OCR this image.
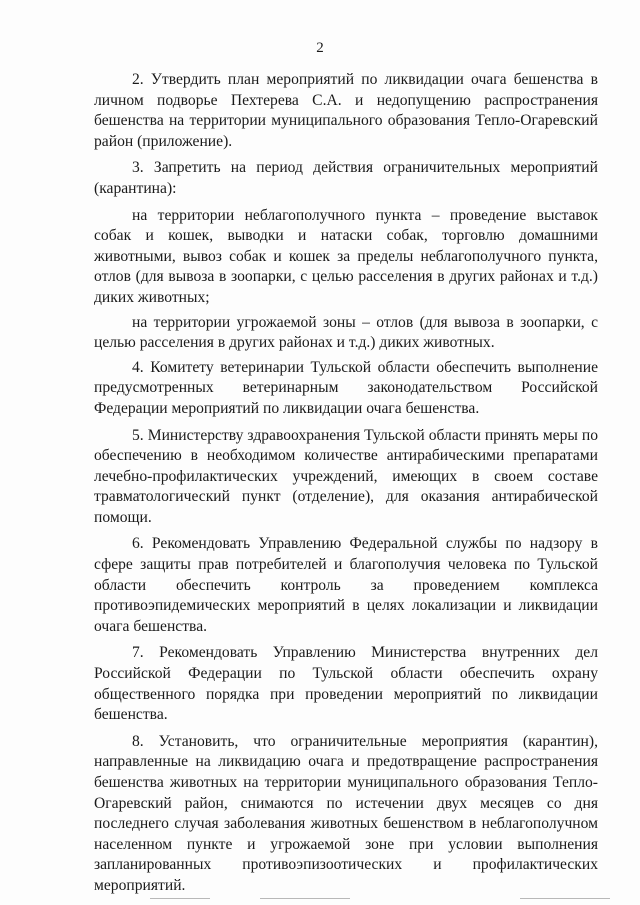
2

2. Утвердить план мероприятий по ликвидации очага бешенства в личном подворье Пехтерева С.А. и недопущению распространения бешенства на территории муниципального образования Тепло-Огаревский район (приложение).

3. Запретить на период действия ограничительных мероприятий (карантина):

на территории неблагополучного пункта – проведение выставок собак и кошек, выводки и натаски собак, торговлю домашними животными, вывоз собак и кошек за пределы неблагополучного пункта, отлов (для вывоза в зоопарки, с целью расселения в других районах и т.д.) диких животных;

на территории угрожаемой зоны – отлов (для вывоза в зоопарки, с целью расселения в других районах и т.д.) диких животных.

4. Комитету ветеринарии Тульской области обеспечить выполнение предусмотренных ветеринарным законодательством Российской Федерации мероприятий по ликвидации очага бешенства.

5. Министерству здравоохранения Тульской области принять меры по обеспечению в необходимом количестве антирабическими препаратами лечебно-профилактических учреждений, имеющих в своем составе травматологический пункт (отделение), для оказания антирабической помощи.

6. Рекомендовать Управлению Федеральной службы по надзору в сфере защиты прав потребителей и благополучия человека по Тульской области обеспечить контроль за проведением комплекса противоэпидемических мероприятий в целях локализации и ликвидации очага бешенства.

7. Рекомендовать Управлению Министерства внутренних дел Российской Федерации по Тульской области обеспечить охрану общественного порядка при проведении мероприятий по ликвидации бешенства.

8. Установить, что ограничительные мероприятия (карантин), направленные на ликвидацию очага и предотвращение распространения бешенства животных на территории муниципального образования Тепло-Огаревский район, снимаются по истечении двух месяцев со дня последнего случая заболевания животных бешенством в неблагополучном населенном пункте и угрожаемой зоне при условии выполнения запланированных противоэпизоотических и профилактических мероприятий.
